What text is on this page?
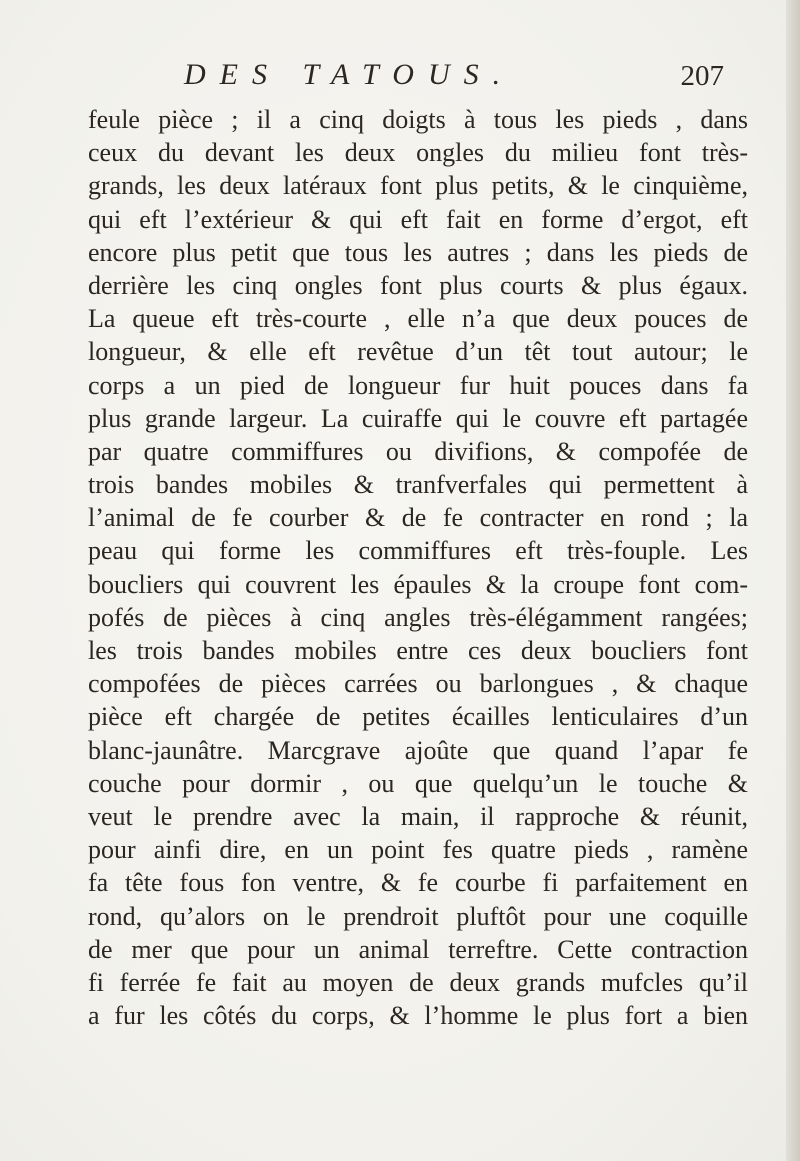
DES TATOUS.	207
feule pièce ; il a cinq doigts à tous les pieds , dans
ceux du devant les deux ongles du milieu font très-
grands, les deux latéraux font plus petits, & le cinquième,
qui eft l’extérieur & qui eft fait en forme d’ergot, eft
encore plus petit que tous les autres ; dans les pieds de
derrière les cinq ongles font plus courts & plus égaux.
La queue eft très-courte , elle n’a que deux pouces de
longueur, & elle eft revêtue d’un têt tout autour; le
corps a un pied de longueur fur huit pouces dans fa
plus grande largeur. La cuiraffe qui le couvre eft partagée
par quatre commiffures ou divifions, & compofée de
trois bandes mobiles & tranfverfales qui permettent à
l’animal de fe courber & de fe contracter en rond ; la
peau qui forme les commiffures eft très-fouple. Les
boucliers qui couvrent les épaules & la croupe font com-
pofés de pièces à cinq angles très-élégamment rangées;
les trois bandes mobiles entre ces deux boucliers font
compofées de pièces carrées ou barlongues , & chaque
pièce eft chargée de petites écailles lenticulaires d’un
blanc-jaunâtre. Marcgrave ajoûte que quand l’apar fe
couche pour dormir , ou que quelqu’un le touche &
veut le prendre avec la main, il rapproche & réunit,
pour ainfi dire, en un point fes quatre pieds , ramène
fa tête fous fon ventre, & fe courbe fi parfaitement en
rond, qu’alors on le prendroit pluftôt pour une coquille
de mer que pour un animal terreftre. Cette contraction
fi ferrée fe fait au moyen de deux grands mufcles qu’il
a fur les côtés du corps, & l’homme le plus fort a bien
